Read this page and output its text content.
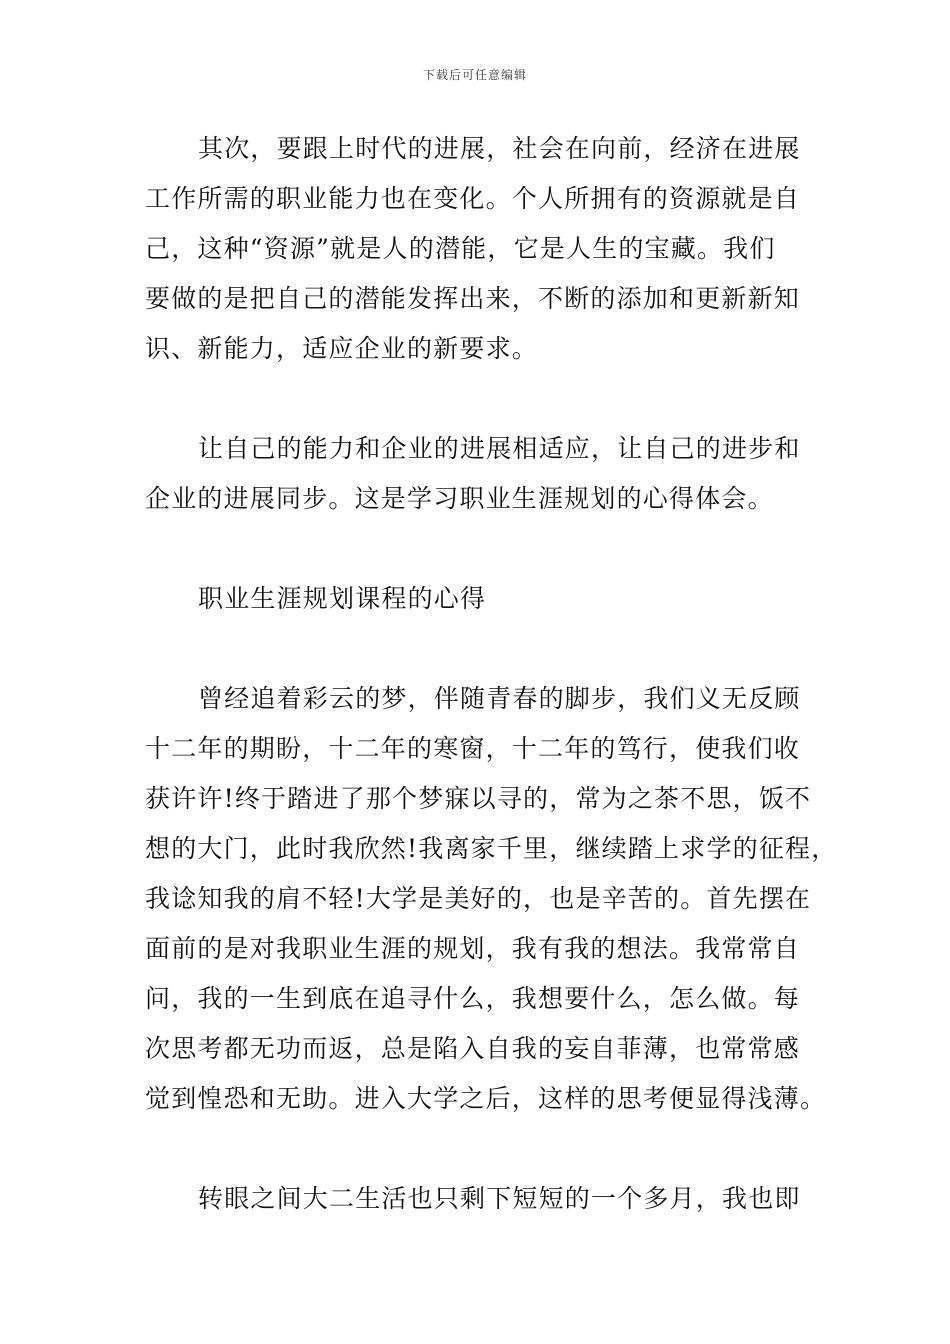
下载后可任意编辑
其次，要跟上时代的进展，社会在向前，经济在进展
工作所需的职业能力也在变化。个人所拥有的资源就是自
己，这种“资源”就是人的潜能，它是人生的宝藏。我们
要做的是把自己的潜能发挥出来，不断的添加和更新新知
识、新能力，适应企业的新要求。
让自己的能力和企业的进展相适应，让自己的进步和
企业的进展同步。这是学习职业生涯规划的心得体会。
职业生涯规划课程的心得
曾经追着彩云的梦，伴随青春的脚步，我们义无反顾
十二年的期盼，十二年的寒窗，十二年的笃行，使我们收
获许许!终于踏进了那个梦寐以寻的，常为之茶不思，饭不
想的大门，此时我欣然!我离家千里，继续踏上求学的征程，
我谂知我的肩不轻!大学是美好的，也是辛苦的。首先摆在
面前的是对我职业生涯的规划，我有我的想法。我常常自
问，我的一生到底在追寻什么，我想要什么，怎么做。每
次思考都无功而返，总是陷入自我的妄自菲薄，也常常感
觉到惶恐和无助。进入大学之后，这样的思考便显得浅薄。
转眼之间大二生活也只剩下短短的一个多月，我也即
